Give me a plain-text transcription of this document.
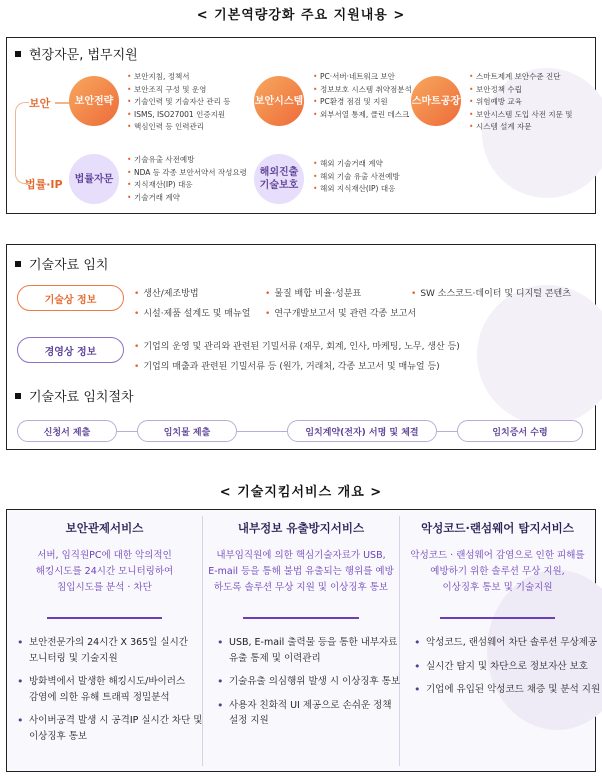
< 기본역량강화 주요 지원내용 >
현장자문, 법무지원
보안
법률·IP
보안전략
• 보안지침, 정책서
• 보안조직 구성 및 운영
• 기술인력 및 기술자산 관리 등
• ISMS, ISO27001 인증지원
• 핵심인력 등 인력관리
보안시스템
• PC·서버·네트워크 보안
• 정보보호 시스템 취약점분석
• PC환경 점검 및 지원
• 외부서열 통제, 클린 데스크
스마트공장
• 스마트제계 보안수준 진단
• 보안정책 수립
• 위험예방 교육
• 보안시스템 도입 사전 지문 및
• 시스템 설계 자문
법률자문
• 기술유출 사전예방
• NDA 등 각종 보안서약서 작성요령
• 지식재산(IP) 대응
• 기술거래 계약
해외진출
기술보호
• 해외 기술거래 계약
• 해외 기술 유출 사전예방
• 해외 지식재산(IP) 대응
기술자료 임치
기술상 정보
• 생산/제조방법	• 물질 배합 비율·성분표	• SW 소스코드·데이터 및 디지털 콘텐츠
• 시설·제품 설계도 및 매뉴얼 • 연구개발보고서 및 관련 각종 보고서
경영상 정보	• 기업의 운영 및 관리와 관련된 기밀서류 (재무, 회계, 인사, 마케팅, 노무, 생산 등)
• 기업의 매출과 관련된 기밀서류 등 (원가, 거래처, 각종 보고서 및 매뉴얼 등)
기술자료 임치절차
신청서 제출	임치물 제출	임치계약(전자) 서명 및 체결	임치증서 수령
< 기술지킴서비스 개요 >
보안관제서비스
서버, 임직원PC에 대한 악의적인
해킹시도를 24시간 모니터링하여
침입시도를 분석 · 차단
• 보안전문가의 24시간 X 365일 실시간
모니터링 및 기술지원
• 방화벽에서 발생한 해킹시도/바이러스
감염에 의한 유해 트래픽 정밀분석
• 사이버공격 발생 시 공격IP 실시간 차단 및
이상징후 통보
내부정보 유출방지서비스
내부임직원에 의한 핵심기술자료가 USB,
E-mail 등을 통해 불법 유출되는 행위를 예방
하도록 솔루션 무상 지원 및 이상징후 통보
• USB, E-mail 출력물 등을 통한 내부자료
유출 통제 및 이력관리
• 기술유출 의심행위 발생 시 이상징후 통보
• 사용자 친화적 UI 제공으로 손쉬운 정책
설정 지원
악성코드·랜섬웨어 탐지서비스
악성코드 · 랜섬웨어 감염으로 인한 피해를
예방하기 위한 솔루션 무상 지원,
이상징후 통보 및 기술지원
• 악성코드, 랜섬웨어 차단 솔루션 무상제공
• 실시간 탐지 및 차단으로 정보자산 보호
• 기업에 유입된 악성코드 채증 및 분석 지원
